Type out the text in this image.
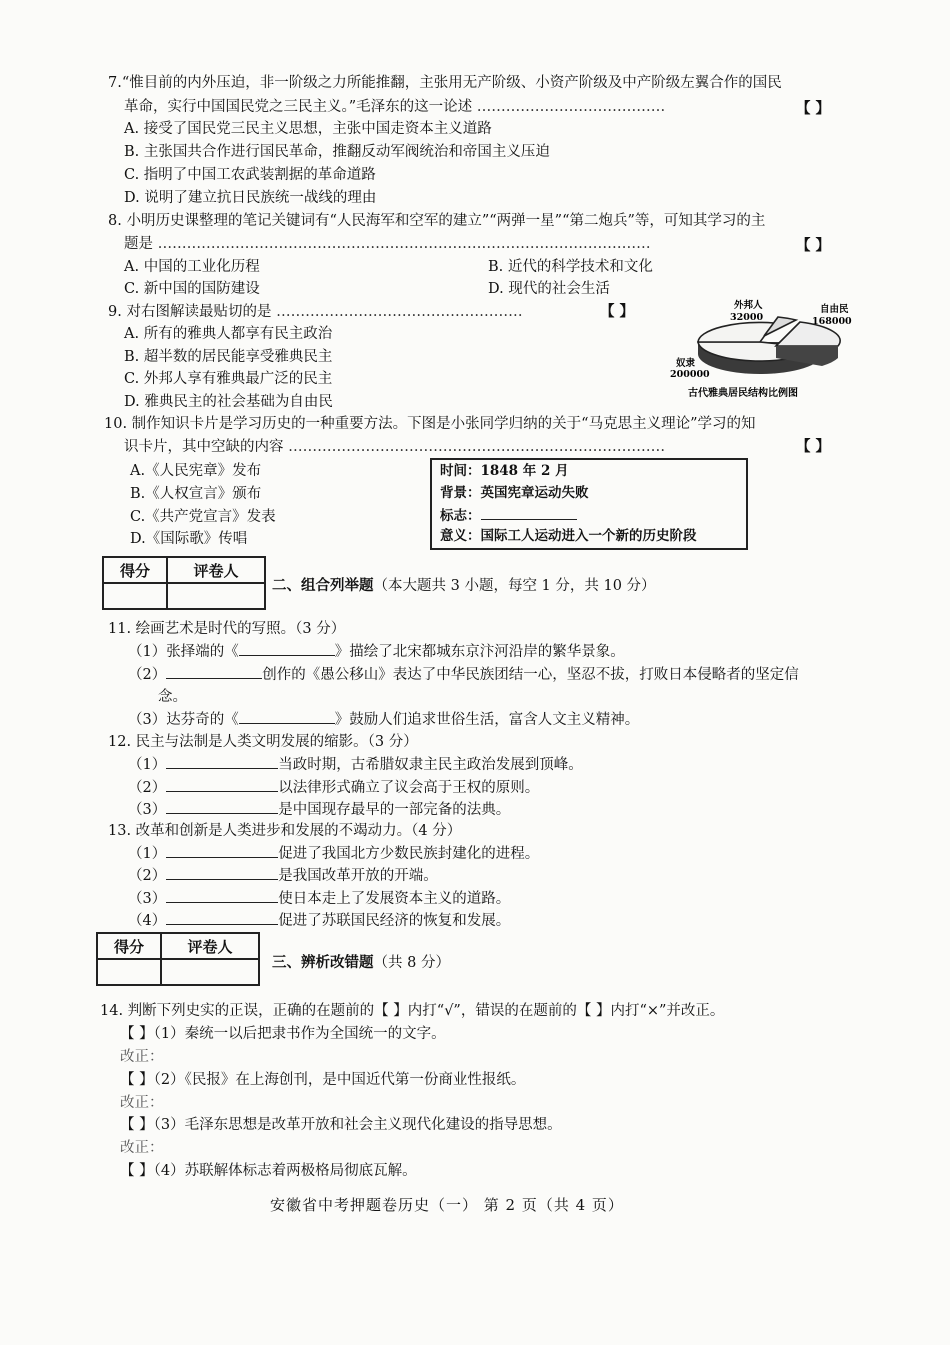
7.“惟目前的内外压迫，非一阶级之力所能推翻，主张用无产阶级、小资产阶级及中产阶级左翼合作的国民
革命，实行中国国民党之三民主义。”毛泽东的这一论述 …………………………………	【 】
A. 接受了国民党三民主义思想，主张中国走资本主义道路
B. 主张国共合作进行国民革命，推翻反动军阀统治和帝国主义压迫
C. 指明了中国工农武装割据的革命道路
D. 说明了建立抗日民族统一战线的理由
8. 小明历史课整理的笔记关键词有“人民海军和空军的建立”“两弹一星”“第二炮兵”等，可知其学习的主
题是 …………………………………………………………………………………………	【 】
A. 中国的工业化历程	B. 近代的科学技术和文化
C. 新中国的国防建设	D. 现代的社会生活
9. 对右图解读最贴切的是 ……………………………………………	【 】
A. 所有的雅典人都享有民主政治
B. 超半数的居民能享受雅典民主
C. 外邦人享有雅典最广泛的民主
D. 雅典民主的社会基础为自由民
外邦人
32000
自由民
168000
奴隶
200000
古代雅典居民结构比例图
10. 制作知识卡片是学习历史的一种重要方法。下图是小张同学归纳的关于“马克思主义理论”学习的知
识卡片，其中空缺的内容 ……………………………………………………………………	【 】
A.《人民宪章》发布
B.《人权宣言》颁布
C.《共产党宣言》发表
D.《国际歌》传唱
时间：1848 年 2 月
背景：英国宪章运动失败
标志：
意义：国际工人运动进入一个新的历史阶段
得分	评卷人

二、组合列举题（本大题共 3 小题，每空 1 分，共 10 分）
11. 绘画艺术是时代的写照。（3 分）
（1）张择端的《	》描绘了北宋都城东京汴河沿岸的繁华景象。
（2）	创作的《愚公移山》表达了中华民族团结一心，坚忍不拔，打败日本侵略者的坚定信
念。
（3）达芬奇的《	》鼓励人们追求世俗生活，富含人文主义精神。
12. 民主与法制是人类文明发展的缩影。（3 分）
（1）	当政时期，古希腊奴隶主民主政治发展到顶峰。
（2）	以法律形式确立了议会高于王权的原则。
（3）	是中国现存最早的一部完备的法典。
13. 改革和创新是人类进步和发展的不竭动力。（4 分）
（1）	促进了我国北方少数民族封建化的进程。
（2）	是我国改革开放的开端。
（3）	使日本走上了发展资本主义的道路。
（4）	促进了苏联国民经济的恢复和发展。
得分	评卷人

三、辨析改错题（共 8 分）
14. 判断下列史实的正误，正确的在题前的【 】内打“√”，错误的在题前的【 】内打“×”并改正。
【 】（1）秦统一以后把隶书作为全国统一的文字。
改正：
【 】（2）《民报》在上海创刊，是中国近代第一份商业性报纸。
改正：
【 】（3）毛泽东思想是改革开放和社会主义现代化建设的指导思想。
改正：
【 】（4）苏联解体标志着两极格局彻底瓦解。
安徽省中考押题卷历史（一） 第 2 页（共 4 页）
